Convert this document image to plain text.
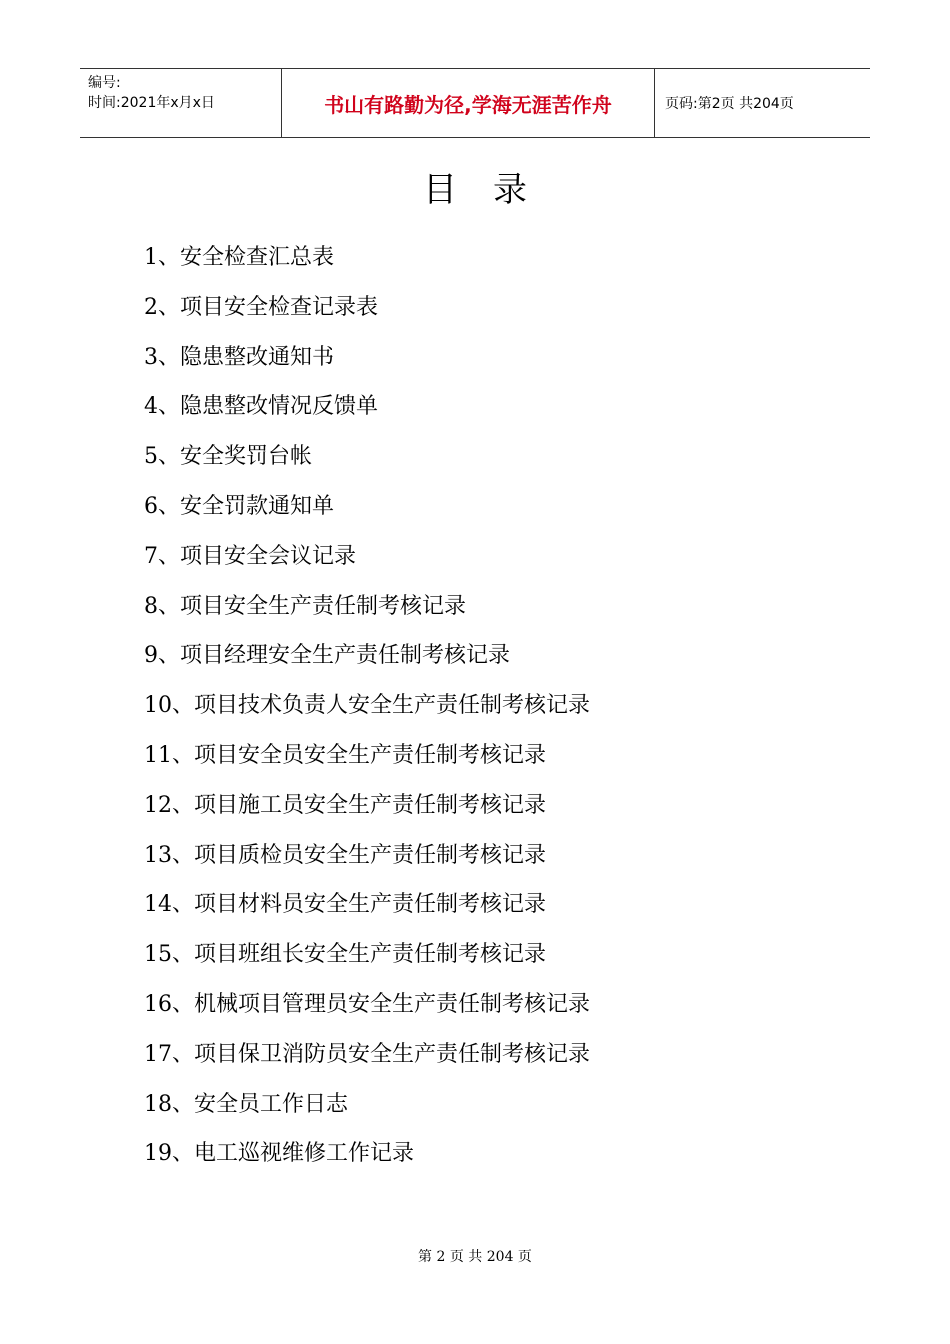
编号:
时间:2021年x月x日	书山有路勤为径,学海无涯苦作舟	页码:第2页 共204页
目录
1、安全检查汇总表
2、项目安全检查记录表
3、隐患整改通知书
4、隐患整改情况反馈单
5、安全奖罚台帐
6、安全罚款通知单
7、项目安全会议记录
8、项目安全生产责任制考核记录
9、项目经理安全生产责任制考核记录
10、项目技术负责人安全生产责任制考核记录
11、项目安全员安全生产责任制考核记录
12、项目施工员安全生产责任制考核记录
13、项目质检员安全生产责任制考核记录
14、项目材料员安全生产责任制考核记录
15、项目班组长安全生产责任制考核记录
16、机械项目管理员安全生产责任制考核记录
17、项目保卫消防员安全生产责任制考核记录
18、安全员工作日志
19、电工巡视维修工作记录
第 2 页 共 204 页
